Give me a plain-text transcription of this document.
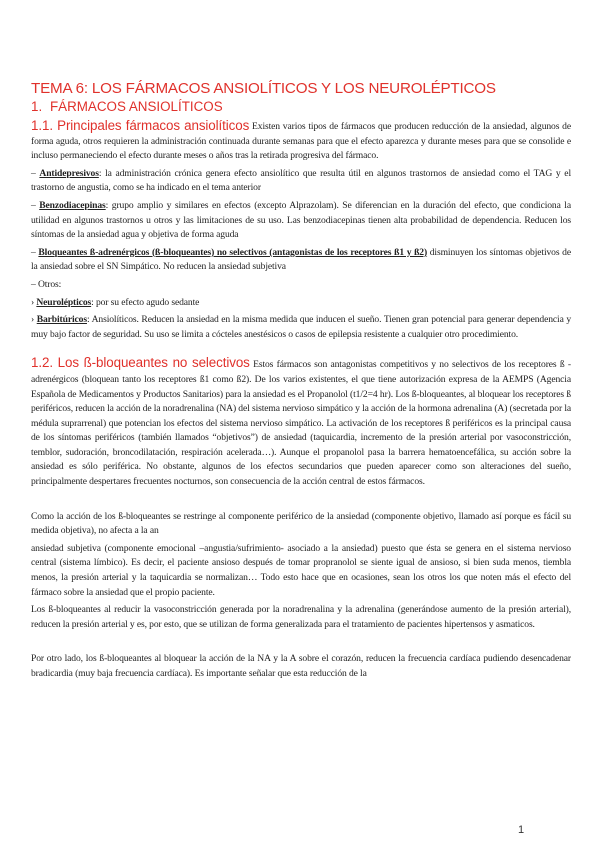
TEMA 6: LOS FÁRMACOS ANSIOLÍTICOS Y LOS NEUROLÉPTICOS
1. FÁRMACOS ANSIOLÍTICOS

1.1. Principales fármacos ansiolíticos Existen varios tipos de fármacos que producen reducción de la ansiedad, algunos de forma aguda, otros requieren la administración continuada durante semanas para que el efecto aparezca y durante meses para que se consolide e incluso permaneciendo el efecto durante meses o años tras la retirada progresiva del fármaco.

– Antidepresivos: la administración crónica genera efecto ansiolítico que resulta útil en algunos trastornos de ansiedad como el TAG y el trastorno de angustia, como se ha indicado en el tema anterior

– Benzodiacepinas: grupo amplio y similares en efectos (excepto Alprazolam). Se diferencian en la duración del efecto, que condiciona la utilidad en algunos trastornos u otros y las limitaciones de su uso. Las benzodiacepinas tienen alta probabilidad de dependencia. Reducen los síntomas de la ansiedad agua y objetiva de forma aguda

– Bloqueantes ß-adrenérgicos (ß-bloqueantes) no selectivos (antagonistas de los receptores ß1 y ß2) disminuyen los síntomas objetivos de la ansiedad sobre el SN Simpático. No reducen la ansiedad subjetiva

– Otros:

› Neurolépticos: por su efecto agudo sedante

› Barbitúricos: Ansiolíticos. Reducen la ansiedad en la misma medida que inducen el sueño. Tienen gran potencial para generar dependencia y muy bajo factor de seguridad. Su uso se limita a cócteles anestésicos o casos de epilepsia resistente a cualquier otro procedimiento.

1.2. Los ß-bloqueantes no selectivos Estos fármacos son antagonistas competitivos y no selectivos de los receptores ß - adrenérgicos (bloquean tanto los receptores ß1 como ß2). De los varios existentes, el que tiene autorización expresa de la AEMPS (Agencia Española de Medicamentos y Productos Sanitarios) para la ansiedad es el Propanolol (t1/2=4 hr). Los ß-bloqueantes, al bloquear los receptores ß periféricos, reducen la acción de la noradrenalina (NA) del sistema nervioso simpático y la acción de la hormona adrenalina (A) (secretada por la médula suprarrenal) que potencian los efectos del sistema nervioso simpático. La activación de los receptores ß periféricos es la principal causa de los síntomas periféricos (también llamados “objetivos”) de ansiedad (taquicardia, incremento de la presión arterial por vasoconstricción, temblor, sudoración, broncodilatación, respiración acelerada…). Aunque el propanolol pasa la barrera hematoencefálica, su acción sobre la ansiedad es sólo periférica. No obstante, algunos de los efectos secundarios que pueden aparecer como son alteraciones del sueño, principalmente despertares frecuentes nocturnos, son consecuencia de la acción central de estos fármacos.

Como la acción de los ß-bloqueantes se restringe al componente periférico de la ansiedad (componente objetivo, llamado así porque es fácil su medida objetiva), no afecta a la an

ansiedad subjetiva (componente emocional –angustia/sufrimiento- asociado a la ansiedad) puesto que ésta se genera en el sistema nervioso central (sistema límbico). Es decir, el paciente ansioso después de tomar propranolol se siente igual de ansioso, si bien suda menos, tiembla menos, la presión arterial y la taquicardia se normalizan… Todo esto hace que en ocasiones, sean los otros los que noten más el efecto del fármaco sobre la ansiedad que el propio paciente.

Los ß-bloqueantes al reducir la vasoconstricción generada por la noradrenalina y la adrenalina (generándose aumento de la presión arterial), reducen la presión arterial y es, por esto, que se utilizan de forma generalizada para el tratamiento de pacientes hipertensos y asmaticos.

Por otro lado, los ß-bloqueantes al bloquear la acción de la NA y la A sobre el corazón, reducen la frecuencia cardíaca pudiendo desencadenar bradicardia (muy baja frecuencia cardíaca). Es importante señalar que esta reducción de la

1
